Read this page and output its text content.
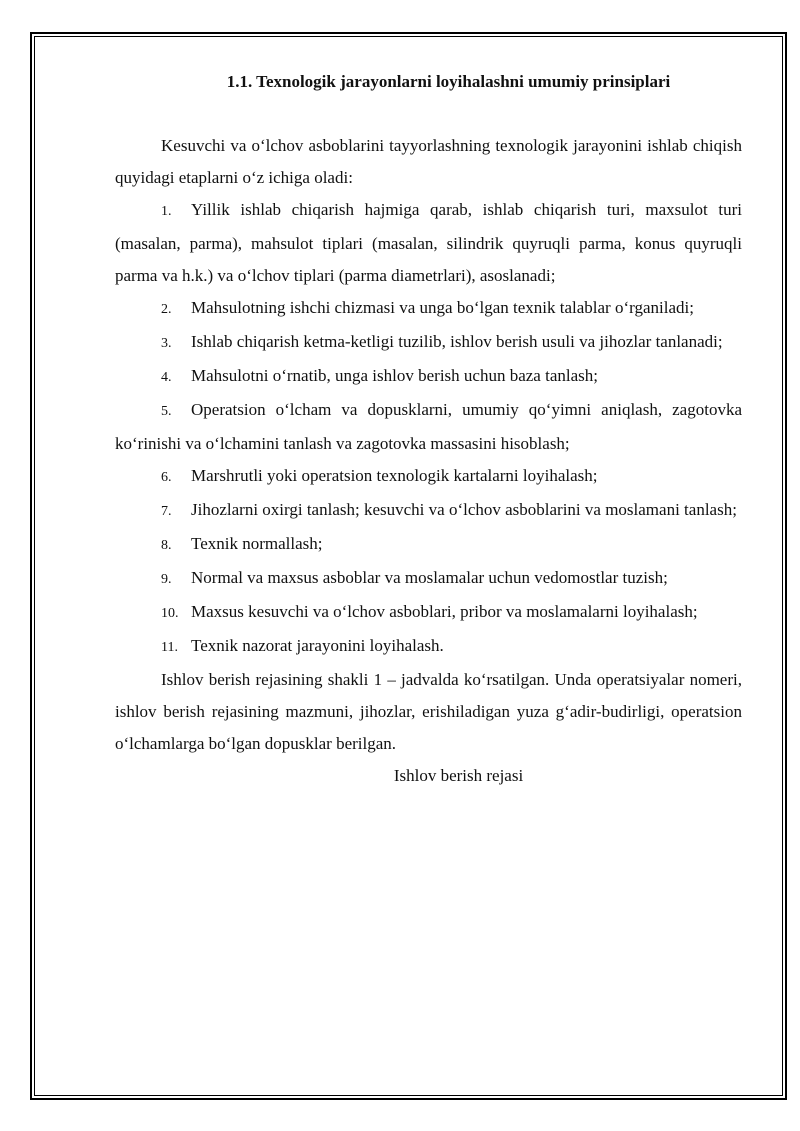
1.1. Texnologik jarayonlarni loyihalashni umumiy prinsiplari

Kesuvchi va o‘lchov asboblarini tayyorlashning texnologik jarayonini ishlab chiqish quyidagi etaplarni o‘z ichiga oladi:

1. Yillik ishlab chiqarish hajmiga qarab, ishlab chiqarish turi, maxsulot turi (masalan, parma), mahsulot tiplari (masalan, silindrik quyruqli parma, konus quyruqli parma va h.k.) va o‘lchov tiplari (parma diametrlari), asoslanadi;
2. Mahsulotning ishchi chizmasi va unga bo‘lgan texnik talablar o‘rganiladi;
3. Ishlab chiqarish ketma-ketligi tuzilib, ishlov berish usuli va jihozlar tanlanadi;
4. Mahsulotni o‘rnatib, unga ishlov berish uchun baza tanlash;
5. Operatsion o‘lcham va dopusklarni, umumiy qo‘yimni aniqlash, zagotovka ko‘rinishi va o‘lchamini tanlash va zagotovka massasini hisoblash;
6. Marshrutli yoki operatsion texnologik kartalarni loyihalash;
7. Jihozlarni oxirgi tanlash; kesuvchi va o‘lchov asboblarini va moslamani tanlash;
8. Texnik normallash;
9. Normal va maxsus asboblar va moslamalar uchun vedomostlar tuzish;
10. Maxsus kesuvchi va o‘lchov asboblari, pribor va moslamalarni loyihalash;
11. Texnik nazorat jarayonini loyihalash.

Ishlov berish rejasining shakli 1 – jadvalda ko‘rsatilgan. Unda operatsiyalar nomeri, ishlov berish rejasining mazmuni, jihozlar, erishiladigan yuza g‘adir-budirligi, operatsion o‘lchamlarga bo‘lgan dopusklar berilgan.

Ishlov berish rejasi
